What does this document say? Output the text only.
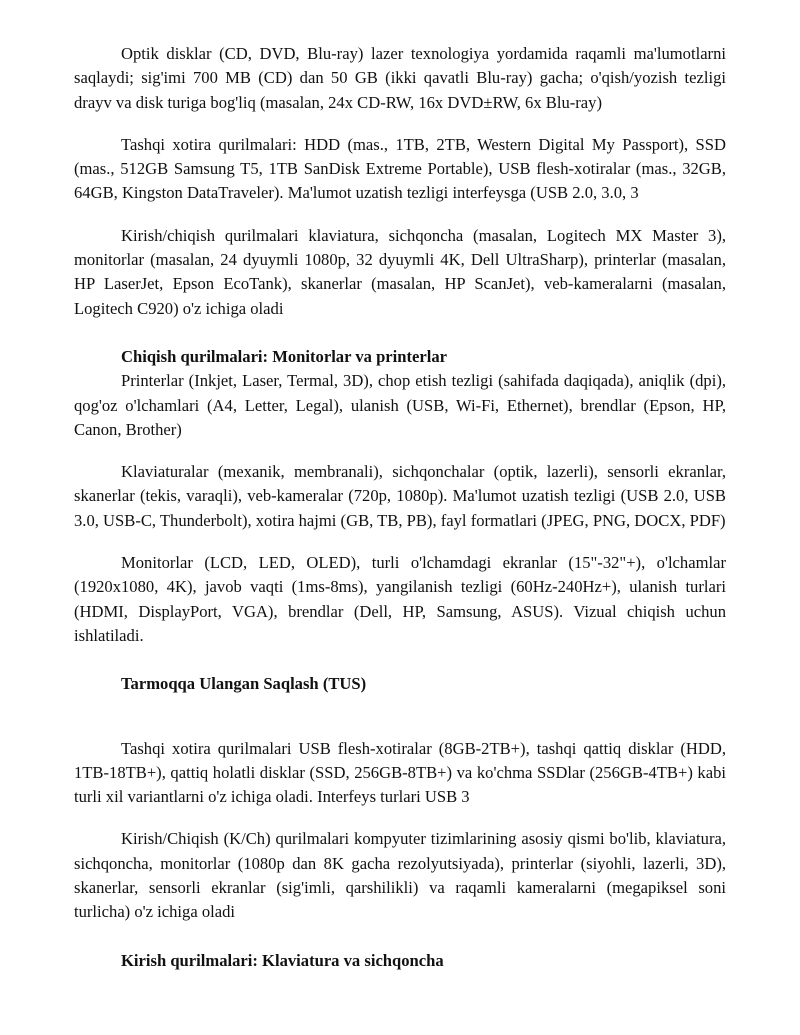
Optik disklar (CD, DVD, Blu-ray) lazer texnologiya yordamida raqamli ma'lumotlarni saqlaydi; sig'imi 700 MB (CD) dan 50 GB (ikki qavatli Blu-ray) gacha; o'qish/yozish tezligi drayv va disk turiga bog'liq (masalan, 24x CD-RW, 16x DVD±RW, 6x Blu-ray)

Tashqi xotira qurilmalari: HDD (mas., 1TB, 2TB, Western Digital My Passport), SSD (mas., 512GB Samsung T5, 1TB SanDisk Extreme Portable), USB flesh-xotiralar (mas., 32GB, 64GB, Kingston DataTraveler). Ma'lumot uzatish tezligi interfeysga (USB 2.0, 3.0, 3

Kirish/chiqish qurilmalari klaviatura, sichqoncha (masalan, Logitech MX Master 3), monitorlar (masalan, 24 dyuymli 1080p, 32 dyuymli 4K, Dell UltraSharp), printerlar (masalan, HP LaserJet, Epson EcoTank), skanerlar (masalan, HP ScanJet), veb-kameralarni (masalan, Logitech C920) o'z ichiga oladi

Chiqish qurilmalari: Monitorlar va printerlar

Printerlar (Inkjet, Laser, Termal, 3D), chop etish tezligi (sahifada daqiqada), aniqlik (dpi), qog'oz o'lchamlari (A4, Letter, Legal), ulanish (USB, Wi-Fi, Ethernet), brendlar (Epson, HP, Canon, Brother)

Klaviaturalar (mexanik, membranali), sichqonchalar (optik, lazerli), sensorli ekranlar, skanerlar (tekis, varaqli), veb-kameralar (720p, 1080p). Ma'lumot uzatish tezligi (USB 2.0, USB 3.0, USB-C, Thunderbolt), xotira hajmi (GB, TB, PB), fayl formatlari (JPEG, PNG, DOCX, PDF)

Monitorlar (LCD, LED, OLED), turli o'lchamdagi ekranlar (15"-32"+), o'lchamlar (1920x1080, 4K), javob vaqti (1ms-8ms), yangilanish tezligi (60Hz-240Hz+), ulanish turlari (HDMI, DisplayPort, VGA), brendlar (Dell, HP, Samsung, ASUS). Vizual chiqish uchun ishlatiladi.

Tarmoqqa Ulangan Saqlash (TUS)

Tashqi xotira qurilmalari USB flesh-xotiralar (8GB-2TB+), tashqi qattiq disklar (HDD, 1TB-18TB+), qattiq holatli disklar (SSD, 256GB-8TB+) va ko'chma SSDlar (256GB-4TB+) kabi turli xil variantlarni o'z ichiga oladi. Interfeys turlari USB 3

Kirish/Chiqish (K/Ch) qurilmalari kompyuter tizimlarining asosiy qismi bo'lib, klaviatura, sichqoncha, monitorlar (1080p dan 8K gacha rezolyutsiyada), printerlar (siyohli, lazerli, 3D), skanerlar, sensorli ekranlar (sig'imli, qarshilikli) va raqamli kameralarni (megapiksel soni turlicha) o'z ichiga oladi

Kirish qurilmalari: Klaviatura va sichqoncha
